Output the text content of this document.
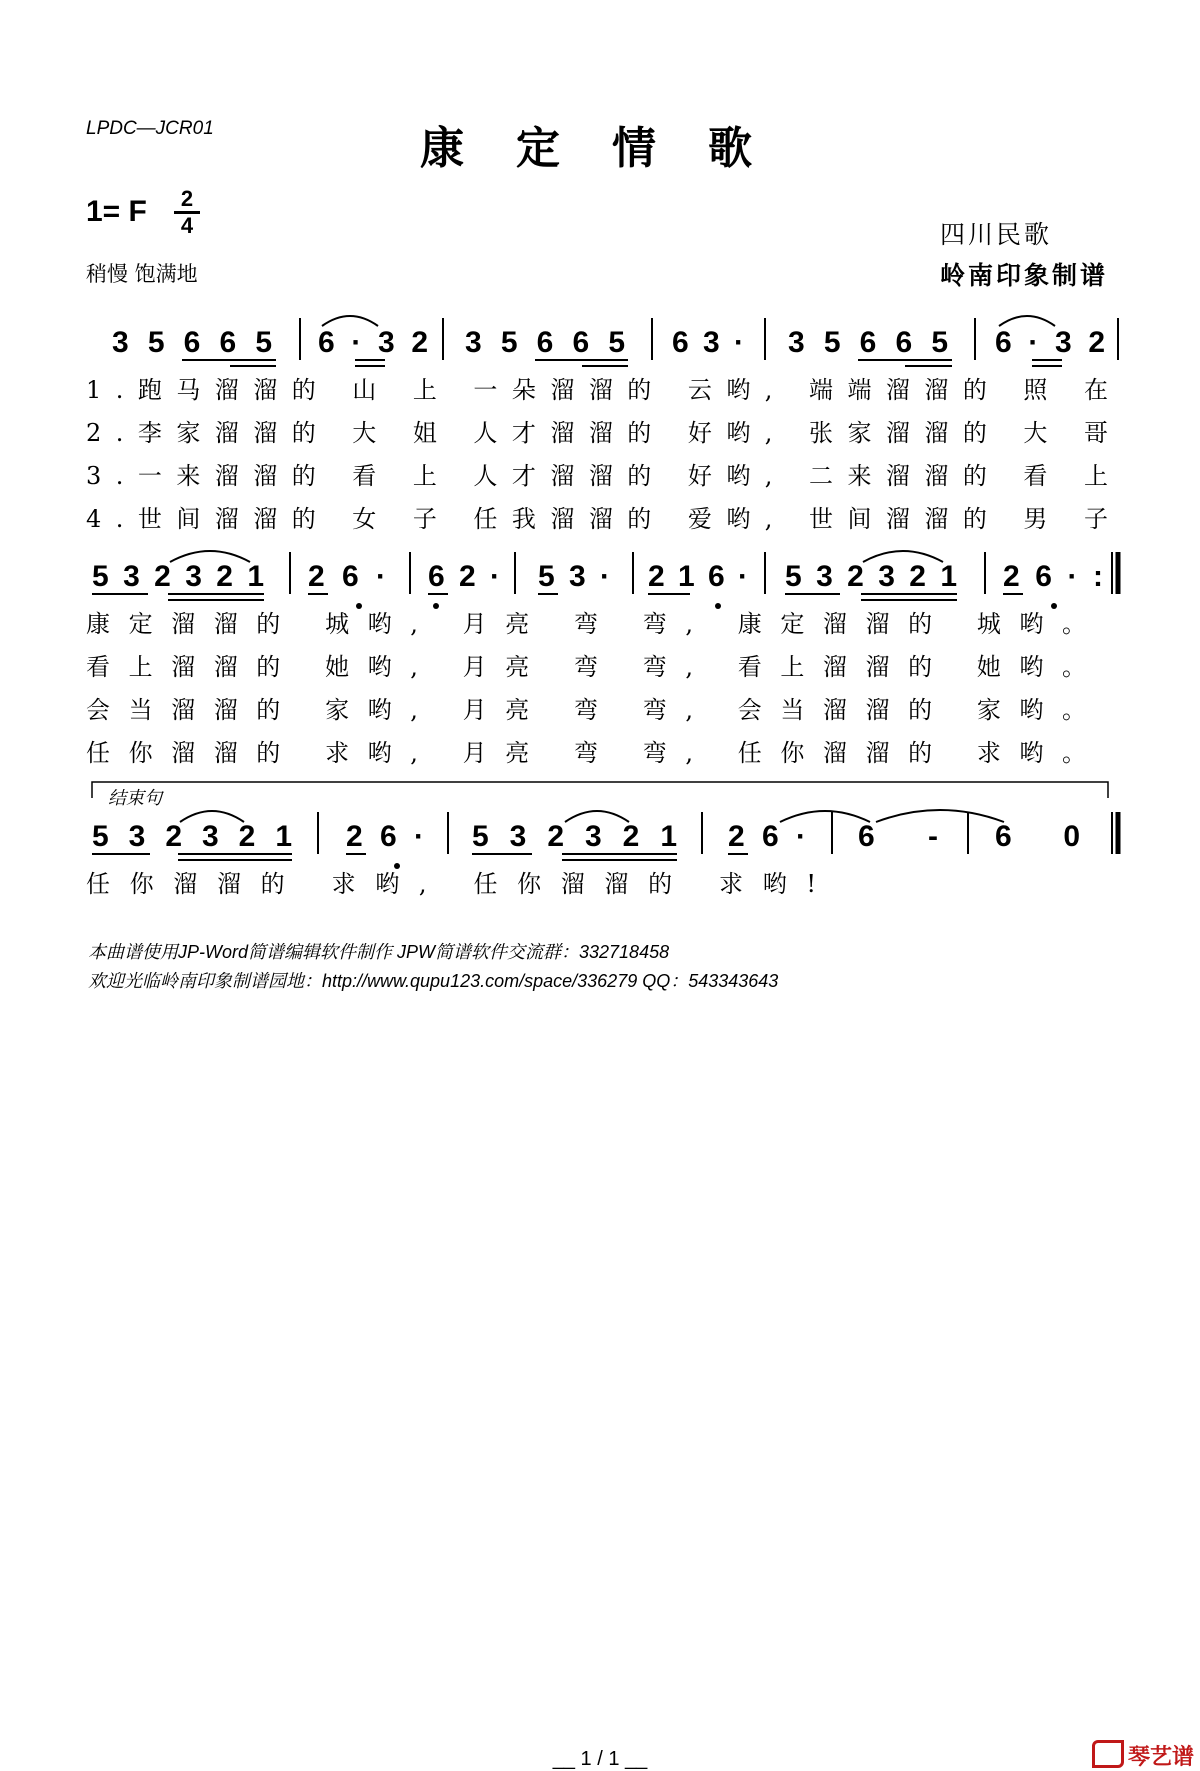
LPDC—JCR01	康定情歌
1= F	2
4
稍慢 饱满地
四川民歌
岭南印象制谱
3 5 6 6 5 6 · 3 2 3 5 6 6 5 6 3 · 3 5 6 6 5 6 · 3 2
1.跑马溜溜的 山 上 一朵溜溜的 云哟, 端端溜溜的 照 在
2.李家溜溜的 大 姐 人才溜溜的 好哟, 张家溜溜的 大 哥
3.一来溜溜的 看 上 人才溜溜的 好哟, 二来溜溜的 看 上
4.世间溜溜的 女 子 任我溜溜的 爱哟, 世间溜溜的 男 子
5 3 2 3 2 1 2 6 · 6 2 · 5 3 · 2 1 6 · 5 3 2 3 2 1 2 6 · :
康定溜溜的 城哟, 月亮 弯 弯, 康定溜溜的 城哟。
看上溜溜的 她哟, 月亮 弯 弯, 看上溜溜的 她哟。
会当溜溜的 家哟, 月亮 弯 弯, 会当溜溜的 家哟。
任你溜溜的 求哟, 月亮 弯 弯, 任你溜溜的 求哟。
结束句
5 3 2 3 2 1 2 6 · 5 3 2 3 2 1 2 6 · 6 - 6 0
任你溜溜的 求哟, 任你溜溜的 求哟!
本曲谱使用JP-Word简谱编辑软件制作 JPW简谱软件交流群：332718458
欢迎光临岭南印象制谱园地：http://www.qupu123.com/space/336279 QQ：543343643
__ 1 / 1 __	琴艺谱
